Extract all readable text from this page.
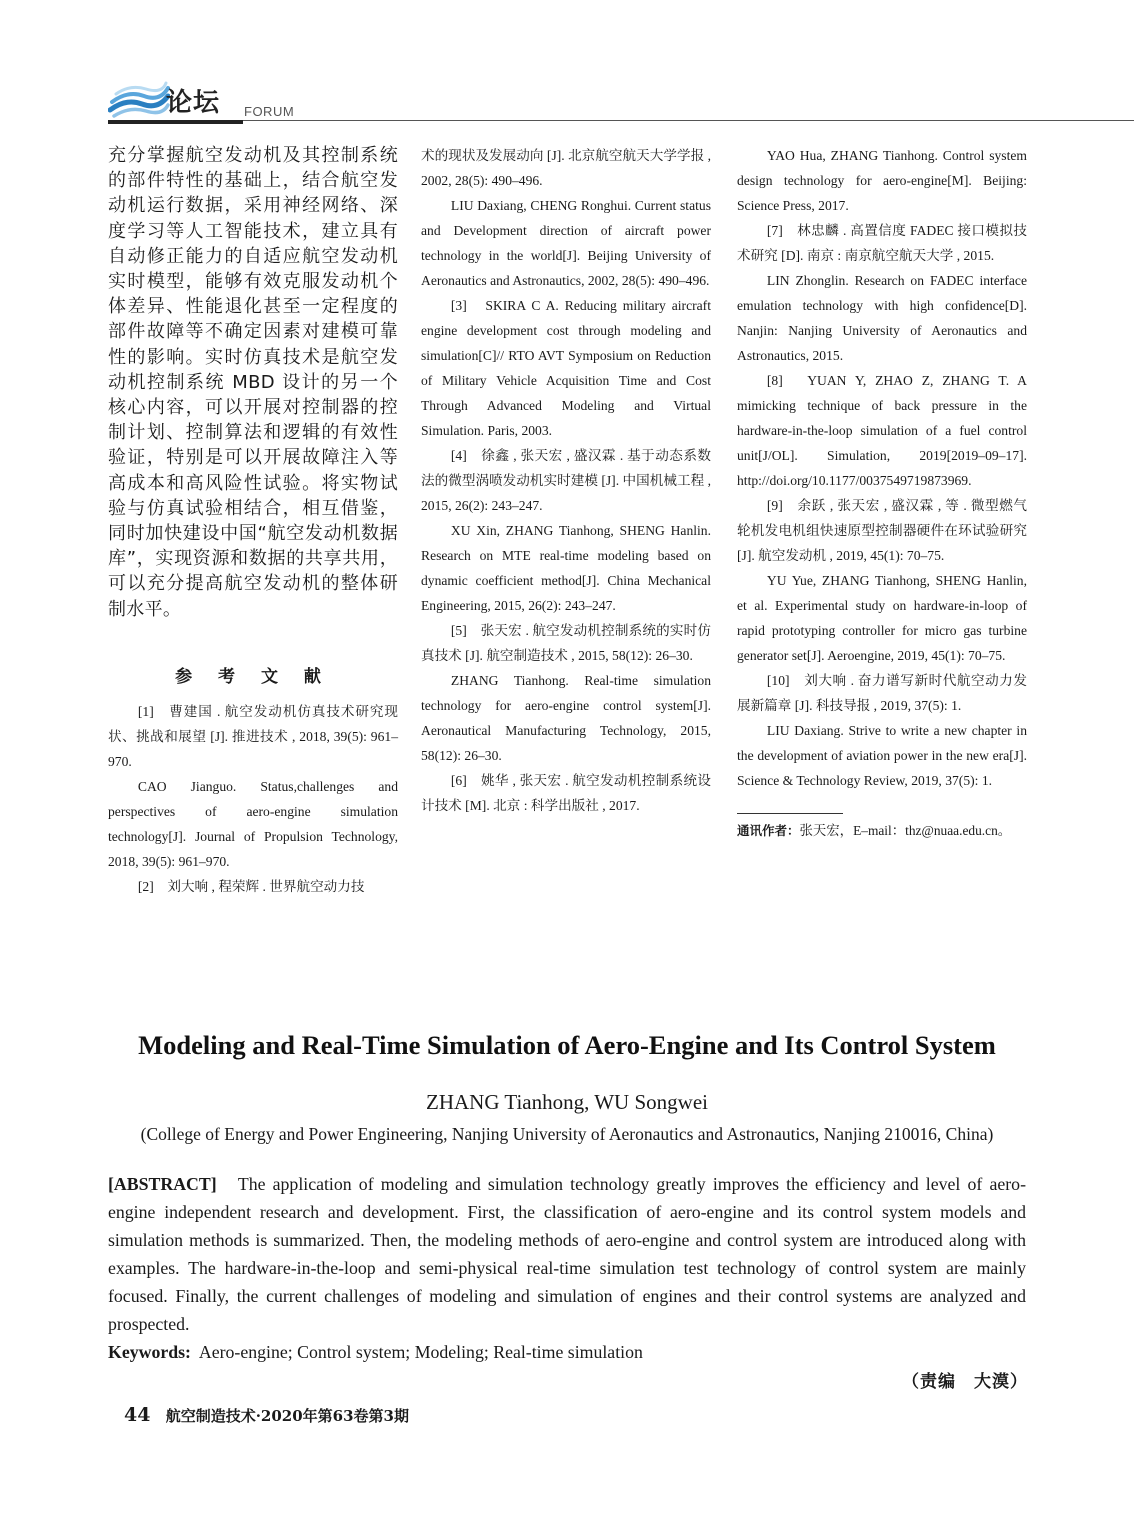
论坛 FORUM

充分掌握航空发动机及其控制系统的部件特性的基础上，结合航空发动机运行数据，采用神经网络、深度学习等人工智能技术，建立具有自动修正能力的自适应航空发动机实时模型，能够有效克服发动机个体差异、性能退化甚至一定程度的部件故障等不确定因素对建模可靠性的影响。实时仿真技术是航空发动机控制系统 MBD 设计的另一个核心内容，可以开展对控制器的控制计划、控制算法和逻辑的有效性验证，特别是可以开展故障注入等高成本和高风险性试验。将实物试验与仿真试验相结合，相互借鉴，同时加快建设中国“航空发动机数据库”，实现资源和数据的共享共用，可以充分提高航空发动机的整体研制水平。

参 考 文 献

[1]　曹建国 . 航空发动机仿真技术研究现状、挑战和展望 [J]. 推进技术 , 2018, 39(5): 961–970.

CAO Jianguo. Status,challenges and perspectives of aero-engine simulation technology[J]. Journal of Propulsion Technology, 2018, 39(5): 961–970.

[2]　刘大响 , 程荣辉 . 世界航空动力技

术的现状及发展动向 [J]. 北京航空航天大学学报 , 2002, 28(5): 490–496.

LIU Daxiang, CHENG Ronghui. Current status and Development direction of aircraft power technology in the world[J]. Beijing University of Aeronautics and Astronautics, 2002, 28(5): 490–496.

[3]　SKIRA C A. Reducing military aircraft engine development cost through modeling and simulation[C]// RTO AVT Symposium on Reduction of Military Vehicle Acquisition Time and Cost Through Advanced Modeling and Virtual Simulation. Paris, 2003.

[4]　徐鑫 , 张天宏 , 盛汉霖 . 基于动态系数法的微型涡喷发动机实时建模 [J]. 中国机械工程 , 2015, 26(2): 243–247.

XU Xin, ZHANG Tianhong, SHENG Hanlin. Research on MTE real-time modeling based on dynamic coefficient method[J]. China Mechanical Engineering, 2015, 26(2): 243–247.

[5]　张天宏 . 航空发动机控制系统的实时仿真技术 [J]. 航空制造技术 , 2015, 58(12): 26–30.

ZHANG Tianhong. Real-time simulation technology for aero-engine control system[J]. Aeronautical Manufacturing Technology, 2015, 58(12): 26–30.

[6]　姚华 , 张天宏 . 航空发动机控制系统设计技术 [M]. 北京 : 科学出版社 , 2017.

YAO Hua, ZHANG Tianhong. Control system design technology for aero-engine[M]. Beijing: Science Press, 2017.

[7]　林忠麟 . 高置信度 FADEC 接口模拟技术研究 [D]. 南京 : 南京航空航天大学 , 2015.

LIN Zhonglin. Research on FADEC interface emulation technology with high confidence[D]. Nanjin: Nanjing University of Aeronautics and Astronautics, 2015.

[8]　YUAN Y, ZHAO Z, ZHANG T. A mimicking technique of back pressure in the hardware-in-the-loop simulation of a fuel control unit[J/OL]. Simulation, 2019[2019–09–17]. http://doi.org/10.1177/0037549719873969.

[9]　余跃 , 张天宏 , 盛汉霖 , 等 . 微型燃气轮机发电机组快速原型控制器硬件在环试验研究 [J]. 航空发动机 , 2019, 45(1): 70–75.

YU Yue, ZHANG Tianhong, SHENG Hanlin, et al. Experimental study on hardware-in-loop of rapid prototyping controller for micro gas turbine generator set[J]. Aeroengine, 2019, 45(1): 70–75.

[10]　刘大响 . 奋力谱写新时代航空动力发展新篇章 [J]. 科技导报 , 2019, 37(5): 1.

LIU Daxiang. Strive to write a new chapter in the development of aviation power in the new era[J]. Science & Technology Review, 2019, 37(5): 1.

通讯作者：张天宏，E–mail：thz@nuaa.edu.cn。
Modeling and Real-Time Simulation of Aero-Engine and Its Control System
ZHANG Tianhong, WU Songwei
(College of Energy and Power Engineering, Nanjing University of Aeronautics and Astronautics, Nanjing 210016, China)

[ABSTRACT] The application of modeling and simulation technology greatly improves the efficiency and level of aero-engine independent research and development. First, the classification of aero-engine and its control system models and simulation methods is summarized. Then, the modeling methods of aero-engine and control system are introduced along with examples. The hardware-in-the-loop and semi-physical real-time simulation test technology of control system are mainly focused. Finally, the current challenges of modeling and simulation of engines and their control systems are analyzed and prospected.

Keywords: Aero-engine; Control system; Modeling; Real-time simulation
（责编　大漠）
44 航空制造技术·2020年第63卷第3期
